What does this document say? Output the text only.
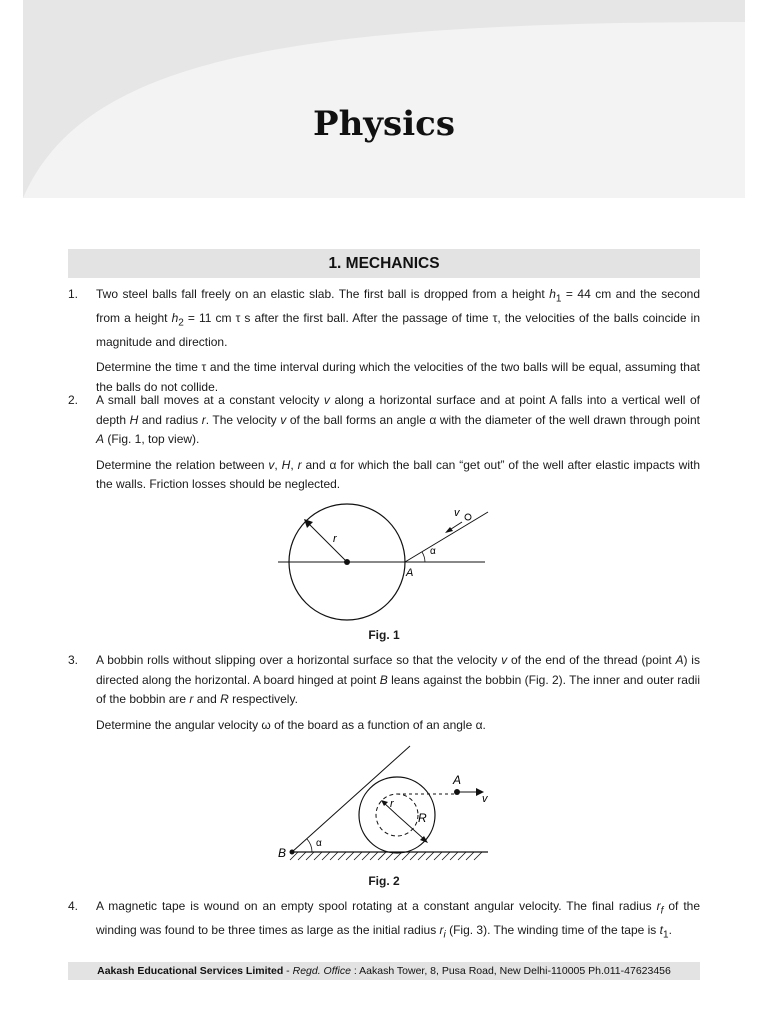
Physics
1. MECHANICS
1.	Two steel balls fall freely on an elastic slab. The first ball is dropped from a height $h_1 = 44$ cm and the second from a height $h_2 = 11$ cm τ s after the first ball. After the passage of time τ, the velocities of the balls coincide in magnitude and direction.

Determine the time τ and the time interval during which the velocities of the two balls will be equal, assuming that the balls do not collide.

2.	A small ball moves at a constant velocity v along a horizontal surface and at point A falls into a vertical well of depth H and radius r. The velocity v of the ball forms an angle α with the diameter of the well drawn through point A (Fig. 1, top view).

Determine the relation between v, H, r and α for which the ball can “get out” of the well after elastic impacts with the walls. Friction losses should be neglected.

r
v
α
A
Fig. 1
3.	A bobbin rolls without slipping over a horizontal surface so that the velocity v of the end of the thread (point A) is directed along the horizontal. A board hinged at point B leans against the bobbin (Fig. 2). The inner and outer radii of the bobbin are r and R respectively.

Determine the angular velocity ω of the board as a function of an angle α.

A
v
r
R
α
B
Fig. 2
4.	A magnetic tape is wound on an empty spool rotating at a constant angular velocity. The final radius $r_f$ of the winding was found to be three times as large as the initial radius $r_i$ (Fig. 3). The winding time of the tape is $t_1$.

Aakash Educational Services Limited - Regd. Office : Aakash Tower, 8, Pusa Road, New Delhi-110005 Ph.011-47623456
